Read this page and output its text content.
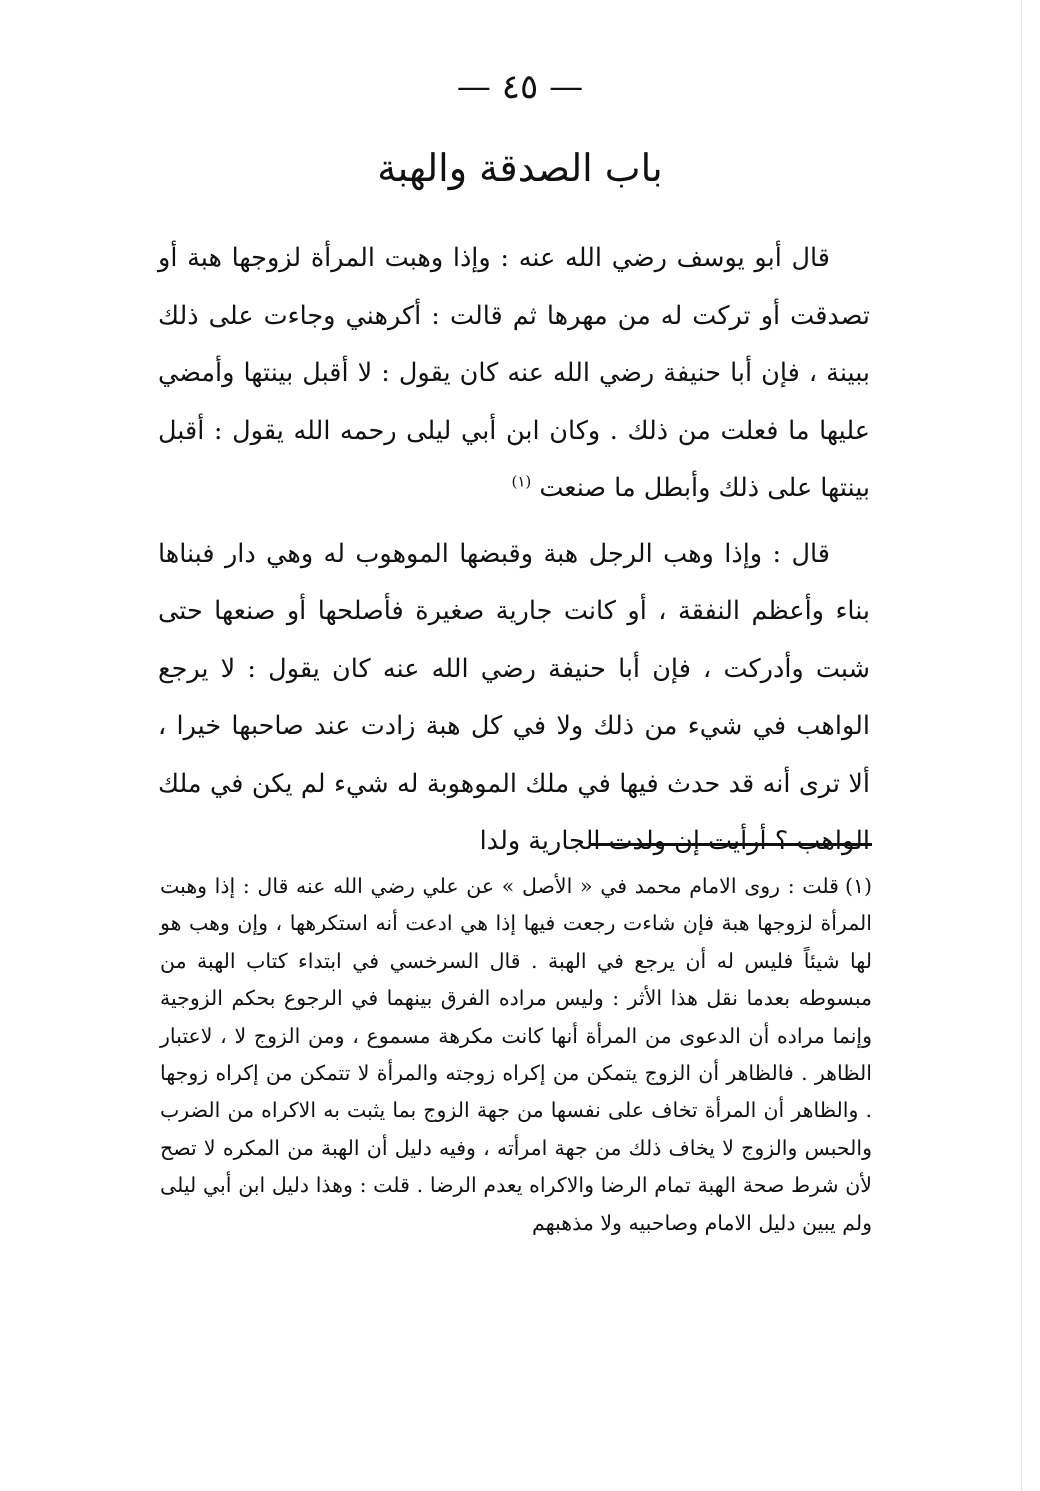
— ٤٥ —
باب الصدقة والهبة

قال أبو يوسف رضي الله عنه : وإذا وهبت المرأة لزوجها هبة أو تصدقت أو تركت له من مهرها ثم قالت : أكرهني وجاءت على ذلك ببينة ، فإن أبا حنيفة رضي الله عنه كان يقول : لا أقبل بينتها وأمضي عليها ما فعلت من ذلك . وكان ابن أبي ليلى رحمه الله يقول : أقبل بينتها على ذلك وأبطل ما صنعت $^{(١)}$

قال : وإذا وهب الرجل هبة وقبضها الموهوب له وهي دار فبناها بناء وأعظم النفقة ، أو كانت جارية صغيرة فأصلحها أو صنعها حتى شبت وأدركت ، فإن أبا حنيفة رضي الله عنه كان يقول : لا يرجع الواهب في شيء من ذلك ولا في كل هبة زادت عند صاحبها خيرا ، ألا ترى أنه قد حدث فيها في ملك الموهوبة له شيء لم يكن في ملك الواهب ؟ أرأيت إن ولدت الجارية ولدا

(١)قلت : روى الامام محمد في « الأصل » عن علي رضي الله عنه قال : إذا وهبت المرأة لزوجها هبة فإن شاءت رجعت فيها إذا هي ادعت أنه استكرهها ، وإن وهب هو لها شيئاً فليس له أن يرجع في الهبة . قال السرخسي في ابتداء كتاب الهبة من مبسوطه بعدما نقل هذا الأثر : وليس مراده الفرق بينهما في الرجوع بحكم الزوجية وإنما مراده أن الدعوى من المرأة أنها كانت مكرهة مسموع ، ومن الزوج لا ، لاعتبار الظاهر . فالظاهر أن الزوج يتمكن من إكراه زوجته والمرأة لا تتمكن من إكراه زوجها . والظاهر أن المرأة تخاف على نفسها من جهة الزوج بما يثبت به الاكراه من الضرب والحبس والزوج لا يخاف ذلك من جهة امرأته ، وفيه دليل أن الهبة من المكره لا تصح لأن شرط صحة الهبة تمام الرضا والاكراه يعدم الرضا . قلت : وهذا دليل ابن أبي ليلى ولم يبين دليل الامام وصاحبيه ولا مذهبهم
